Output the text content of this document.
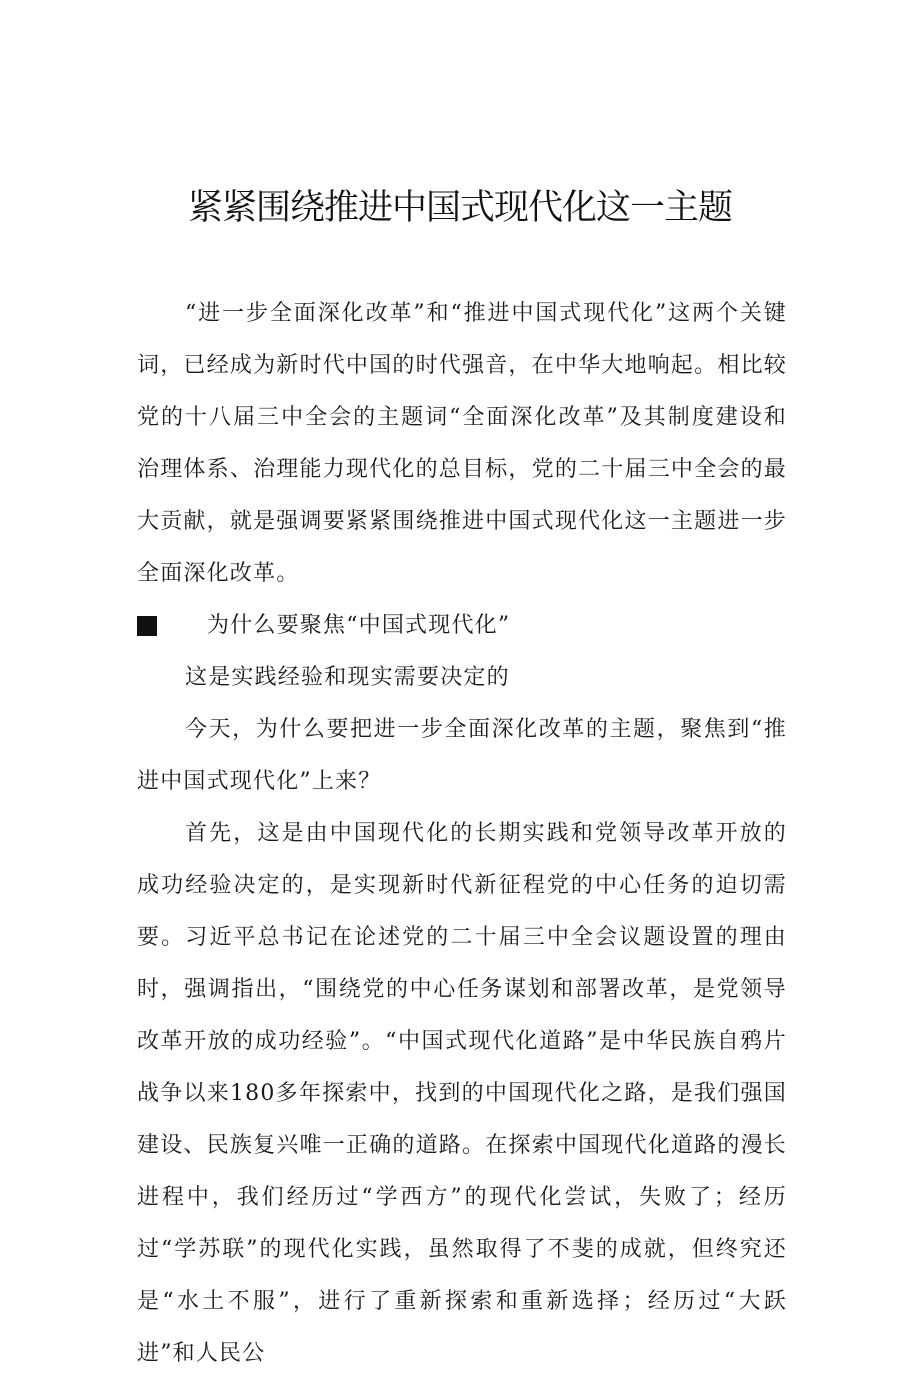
紧紧围绕推进中国式现代化这一主题

“进一步全面深化改革”和“推进中国式现代化”这两个关键词，已经成为新时代中国的时代强音，在中华大地响起。相比较党的十八届三中全会的主题词“全面深化改革”及其制度建设和治理体系、治理能力现代化的总目标，党的二十届三中全会的最大贡献，就是强调要紧紧围绕推进中国式现代化这一主题进一步全面深化改革。

为什么要聚焦“中国式现代化”

这是实践经验和现实需要决定的

今天，为什么要把进一步全面深化改革的主题，聚焦到“推进中国式现代化”上来？

首先，这是由中国现代化的长期实践和党领导改革开放的成功经验决定的，是实现新时代新征程党的中心任务的迫切需要。习近平总书记在论述党的二十届三中全会议题设置的理由时，强调指出，“围绕党的中心任务谋划和部署改革，是党领导改革开放的成功经验”。“中国式现代化道路”是中华民族自鸦片战争以来180多年探索中，找到的中国现代化之路，是我们强国建设、民族复兴唯一正确的道路。在探索中国现代化道路的漫长进程中，我们经历过“学西方”的现代化尝试，失败了；经历过“学苏联”的现代化实践，虽然取得了不斐的成就，但终究还是“水土不服”，进行了重新探索和重新选择；经历过“大跃进”和人民公
